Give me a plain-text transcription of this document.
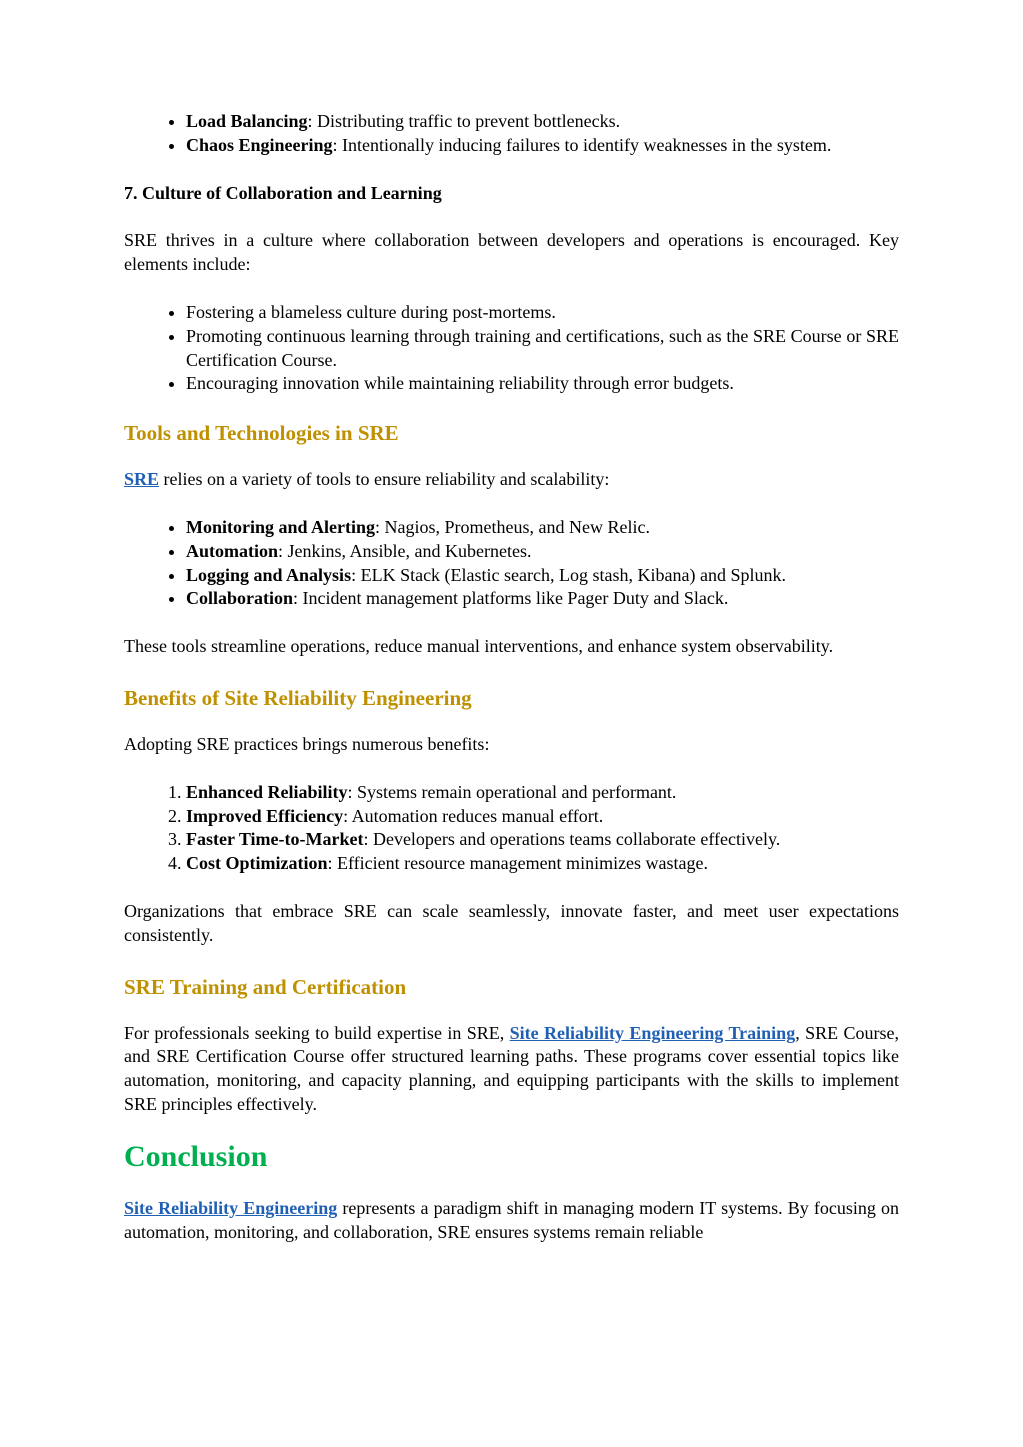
• Load Balancing: Distributing traffic to prevent bottlenecks.
• Chaos Engineering: Intentionally inducing failures to identify weaknesses in the system.

7. Culture of Collaboration and Learning

SRE thrives in a culture where collaboration between developers and operations is encouraged. Key elements include:

• Fostering a blameless culture during post-mortems.
• Promoting continuous learning through training and certifications, such as the SRE Course or SRE Certification Course.
• Encouraging innovation while maintaining reliability through error budgets.

Tools and Technologies in SRE

SRE relies on a variety of tools to ensure reliability and scalability:

• Monitoring and Alerting: Nagios, Prometheus, and New Relic.
• Automation: Jenkins, Ansible, and Kubernetes.
• Logging and Analysis: ELK Stack (Elastic search, Log stash, Kibana) and Splunk.
• Collaboration: Incident management platforms like Pager Duty and Slack.

These tools streamline operations, reduce manual interventions, and enhance system observability.

Benefits of Site Reliability Engineering

Adopting SRE practices brings numerous benefits:

1. Enhanced Reliability: Systems remain operational and performant.
2. Improved Efficiency: Automation reduces manual effort.
3. Faster Time-to-Market: Developers and operations teams collaborate effectively.
4. Cost Optimization: Efficient resource management minimizes wastage.

Organizations that embrace SRE can scale seamlessly, innovate faster, and meet user expectations consistently.

SRE Training and Certification

For professionals seeking to build expertise in SRE, Site Reliability Engineering Training, SRE Course, and SRE Certification Course offer structured learning paths. These programs cover essential topics like automation, monitoring, and capacity planning, and equipping participants with the skills to implement SRE principles effectively.

Conclusion

Site Reliability Engineering represents a paradigm shift in managing modern IT systems. By focusing on automation, monitoring, and collaboration, SRE ensures systems remain reliable
